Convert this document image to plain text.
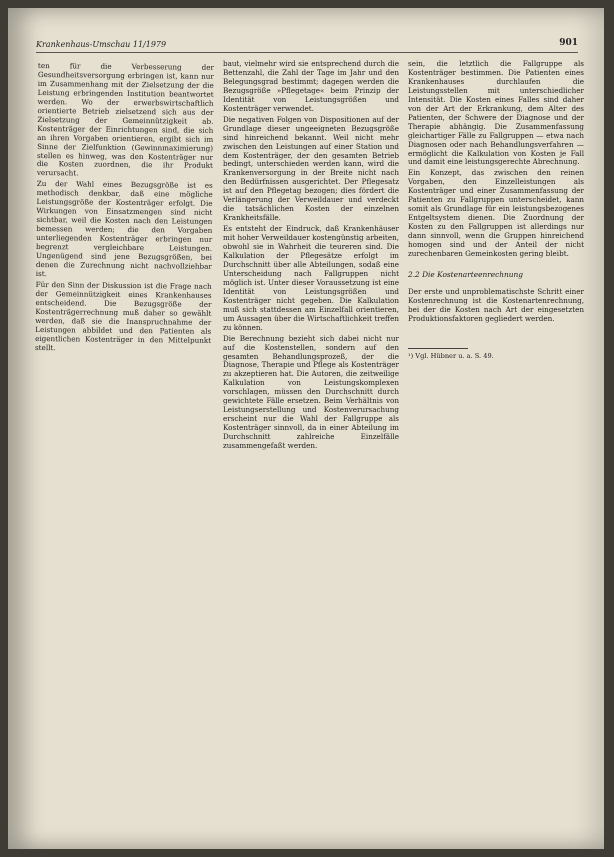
Krankenhaus-Umschau 11/1979	901

ten für die Verbesserung der Gesundheitsversorgung erbringen ist, kann nur im Zusammenhang mit der Zielsetzung der die Leistung erbringenden Institution beantwortet werden. Wo der erwerbswirtschaftlich orientierte Betrieb zielsetzend sich aus der Zielsetzung der Gemeinnützigkeit ab. Kostenträger der Einrichtungen sind, die sich an ihren Vorgaben orientieren, ergibt sich im Sinne der Zielfunktion (Gewinnmaximierung) stellen es hinweg, was den Kostenträger nur die Kosten zuordnen, die ihr Produkt verursacht.

Zu der Wahl eines Bezugsgröße ist es methodisch denkbar, daß eine mögliche Leistungsgröße der Kostenträger erfolgt. Die Wirkungen von Einsatzmengen sind nicht sichtbar, weil die Kosten nach den Leistungen bemessen werden; die den Vorgaben unterliegenden Kostenträger erbringen nur begrenzt vergleichbare Leistungen. Ungenügend sind jene Bezugsgrößen, bei denen die Zurechnung nicht nachvollziehbar ist.

Für den Sinn der Diskussion ist die Frage nach der Gemeinnützigkeit eines Krankenhauses entscheidend. Die Bezugsgröße der Kostenträgerrechnung muß daher so gewählt werden, daß sie die Inanspruchnahme der Leistungen abbildet und den Patienten als eigentlichen Kostenträger in den Mittelpunkt stellt.

baut, vielmehr wird sie entsprechend durch die Bettenzahl, die Zahl der Tage im Jahr und den Belegungsgrad bestimmt; dagegen werden die Bezugsgröße »Pflegetage« beim Prinzip der Identität von Leistungsgrößen und Kostenträger verwendet.

Die negativen Folgen von Dispositionen auf der Grundlage dieser ungeeigneten Bezugsgröße sind hinreichend bekannt. Weil nicht mehr zwischen den Leistungen auf einer Station und dem Kostenträger, der den gesamten Betrieb bedingt, unterschieden werden kann, wird die Krankenversorgung in der Breite nicht nach den Bedürfnissen ausgerichtet. Der Pflegesatz ist auf den Pflegetag bezogen; dies fördert die Verlängerung der Verweildauer und verdeckt die tatsächlichen Kosten der einzelnen Krankheitsfälle.

Es entsteht der Eindruck, daß Krankenhäuser mit hoher Verweildauer kostengünstig arbeiten, obwohl sie in Wahrheit die teureren sind. Die Kalkulation der Pflegesätze erfolgt im Durchschnitt über alle Abteilungen, sodaß eine Unterscheidung nach Fallgruppen nicht möglich ist. Unter dieser Voraussetzung ist eine Identität von Leistungsgrößen und Kostenträger nicht gegeben. Die Kalkulation muß sich stattdessen am Einzelfall orientieren, um Aussagen über die Wirtschaftlichkeit treffen zu können.

Die Berechnung bezieht sich dabei nicht nur auf die Kostenstellen, sondern auf den gesamten Behandlungsprozeß, der die Diagnose, Therapie und Pflege als Kostenträger zu akzeptieren hat. Die Autoren, die zeitweilige Kalkulation von Leistungskomplexen vorschlagen, müssen den Durchschnitt durch gewichtete Fälle ersetzen. Beim Verhältnis von Leistungserstellung und Kostenverursachung erscheint nur die Wahl der Fallgruppe als Kostenträger sinnvoll, da in einer Abteilung im Durchschnitt zahlreiche Einzelfälle zusammengefaßt werden.

sein, die letztlich die Fallgruppe als Kostenträger bestimmen. Die Patienten eines Krankenhauses durchlaufen die Leistungsstellen mit unterschiedlicher Intensität. Die Kosten eines Falles sind daher von der Art der Erkrankung, dem Alter des Patienten, der Schwere der Diagnose und der Therapie abhängig. Die Zusammenfassung gleichartiger Fälle zu Fallgruppen — etwa nach Diagnosen oder nach Behandlungsverfahren — ermöglicht die Kalkulation von Kosten je Fall und damit eine leistungsgerechte Abrechnung.

Ein Konzept, das zwischen den reinen Vorgaben, den Einzelleistungen als Kostenträger und einer Zusammenfassung der Patienten zu Fallgruppen unterscheidet, kann somit als Grundlage für ein leistungsbezogenes Entgeltsystem dienen. Die Zuordnung der Kosten zu den Fallgruppen ist allerdings nur dann sinnvoll, wenn die Gruppen hinreichend homogen sind und der Anteil der nicht zurechenbaren Gemeinkosten gering bleibt.

2.2 Die Kostenarteenrechnung

Der erste und unproblematischste Schritt einer Kostenrechnung ist die Kostenartenrechnung, bei der die Kosten nach Art der eingesetzten Produktionsfaktoren gegliedert werden.

¹) Vgl. Hübner u. a. S. 49.
